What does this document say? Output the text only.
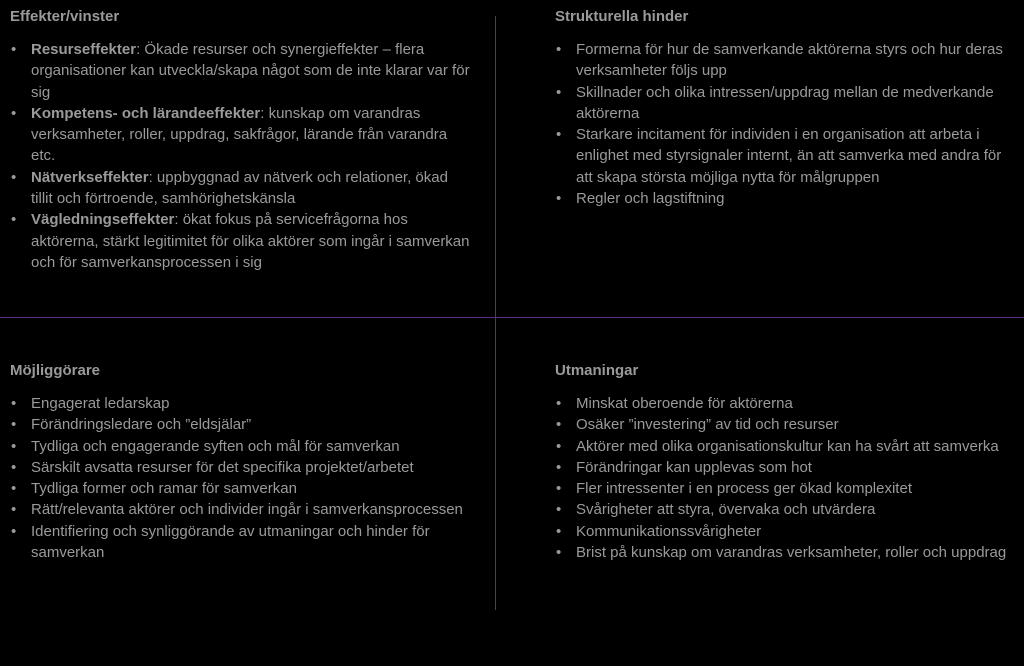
Effekter/vinster
• Resurseffekter: Ökade resurser och synergieffekter – flera organisationer kan utveckla/skapa något som de inte klarar var för sig
• Kompetens- och lärandeeffekter: kunskap om varandras verksamheter, roller, uppdrag, sakfrågor, lärande från varandra etc.
• Nätverkseffekter: uppbyggnad av nätverk och relationer, ökad tillit och förtroende, samhörighetskänsla
• Vägledningseffekter: ökat fokus på servicefrågorna hos aktörerna, stärkt legitimitet för olika aktörer som ingår i samverkan och för samverkansprocessen i sig
Strukturella hinder
• Formerna för hur de samverkande aktörerna styrs och hur deras verksamheter följs upp
• Skillnader och olika intressen/uppdrag mellan de medverkande aktörerna
• Starkare incitament för individen i en organisation att arbeta i enlighet med styrsignaler internt, än att samverka med andra för att skapa största möjliga nytta för målgruppen
• Regler och lagstiftning
Möjliggörare
• Engagerat ledarskap
• Förändringsledare och ”eldsjälar”
• Tydliga och engagerande syften och mål för samverkan
• Särskilt avsatta resurser för det specifika projektet/arbetet
• Tydliga former och ramar för samverkan
• Rätt/relevanta aktörer och individer ingår i samverkansprocessen
• Identifiering och synliggörande av utmaningar och hinder för samverkan
Utmaningar
• Minskat oberoende för aktörerna
• Osäker ”investering” av tid och resurser
• Aktörer med olika organisationskultur kan ha svårt att samverka
• Förändringar kan upplevas som hot
• Fler intressenter i en process ger ökad komplexitet
• Svårigheter att styra, övervaka och utvärdera
• Kommunikationssvårigheter
• Brist på kunskap om varandras verksamheter, roller och uppdrag
